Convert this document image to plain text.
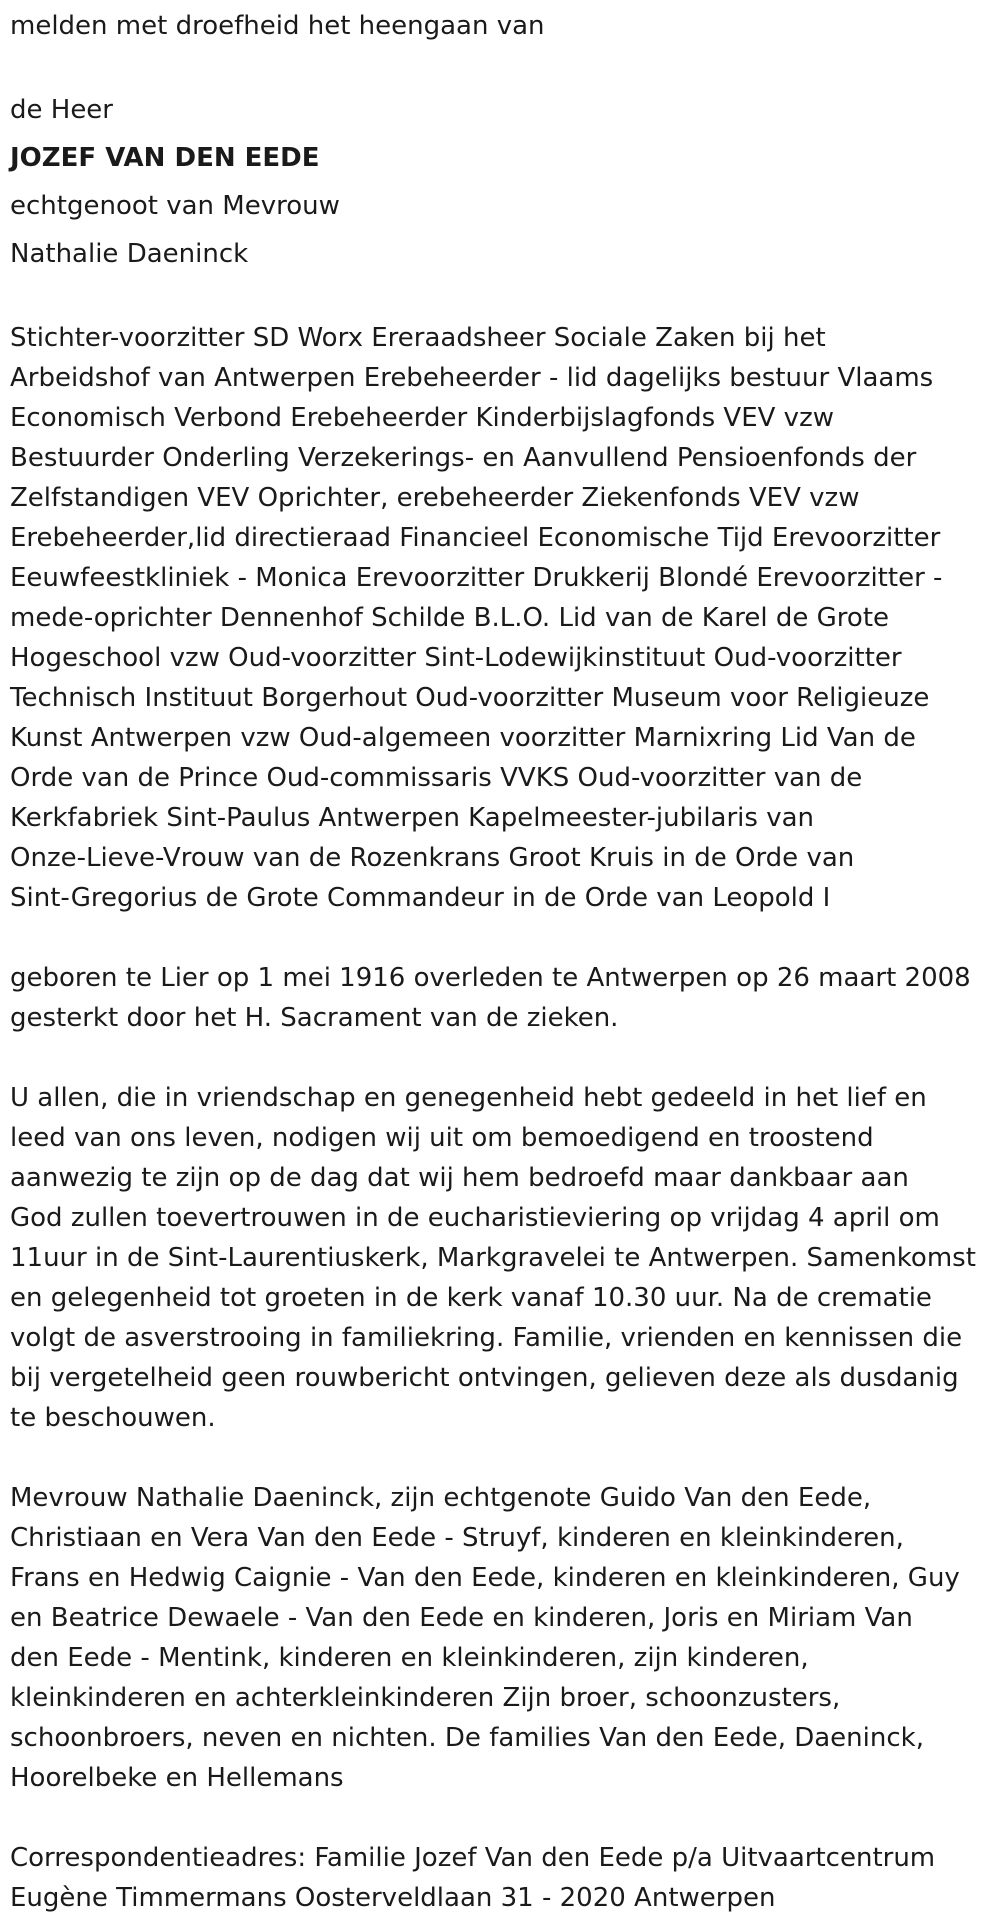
melden met droefheid het heengaan van
de Heer
JOZEF VAN DEN EEDE
echtgenoot van Mevrouw
Nathalie Daeninck
Stichter-voorzitter SD Worx Ereraadsheer Sociale Zaken bij het
Arbeidshof van Antwerpen Erebeheerder - lid dagelijks bestuur Vlaams
Economisch Verbond Erebeheerder Kinderbijslagfonds VEV vzw
Bestuurder Onderling Verzekerings- en Aanvullend Pensioenfonds der
Zelfstandigen VEV Oprichter, erebeheerder Ziekenfonds VEV vzw
Erebeheerder,lid directieraad Financieel Economische Tijd Erevoorzitter
Eeuwfeestkliniek - Monica Erevoorzitter Drukkerij Blondé Erevoorzitter -
mede-oprichter Dennenhof Schilde B.L.O. Lid van de Karel de Grote
Hogeschool vzw Oud-voorzitter Sint-Lodewijkinstituut Oud-voorzitter
Technisch Instituut Borgerhout Oud-voorzitter Museum voor Religieuze
Kunst Antwerpen vzw Oud-algemeen voorzitter Marnixring Lid Van de
Orde van de Prince Oud-commissaris VVKS Oud-voorzitter van de
Kerkfabriek Sint-Paulus Antwerpen Kapelmeester-jubilaris van
Onze-Lieve-Vrouw van de Rozenkrans Groot Kruis in de Orde van
Sint-Gregorius de Grote Commandeur in de Orde van Leopold I
geboren te Lier op 1 mei 1916 overleden te Antwerpen op 26 maart 2008
gesterkt door het H. Sacrament van de zieken.
U allen, die in vriendschap en genegenheid hebt gedeeld in het lief en
leed van ons leven, nodigen wij uit om bemoedigend en troostend
aanwezig te zijn op de dag dat wij hem bedroefd maar dankbaar aan
God zullen toevertrouwen in de eucharistieviering op vrijdag 4 april om
11uur in de Sint-Laurentiuskerk, Markgravelei te Antwerpen. Samenkomst
en gelegenheid tot groeten in de kerk vanaf 10.30 uur. Na de crematie
volgt de asverstrooing in familiekring. Familie, vrienden en kennissen die
bij vergetelheid geen rouwbericht ontvingen, gelieven deze als dusdanig
te beschouwen.
Mevrouw Nathalie Daeninck, zijn echtgenote Guido Van den Eede,
Christiaan en Vera Van den Eede - Struyf, kinderen en kleinkinderen,
Frans en Hedwig Caignie - Van den Eede, kinderen en kleinkinderen, Guy
en Beatrice Dewaele - Van den Eede en kinderen, Joris en Miriam Van
den Eede - Mentink, kinderen en kleinkinderen, zijn kinderen,
kleinkinderen en achterkleinkinderen Zijn broer, schoonzusters,
schoonbroers, neven en nichten. De families Van den Eede, Daeninck,
Hoorelbeke en Hellemans
Correspondentieadres: Familie Jozef Van den Eede p/a Uitvaartcentrum
Eugène Timmermans Oosterveldlaan 31 - 2020 Antwerpen
